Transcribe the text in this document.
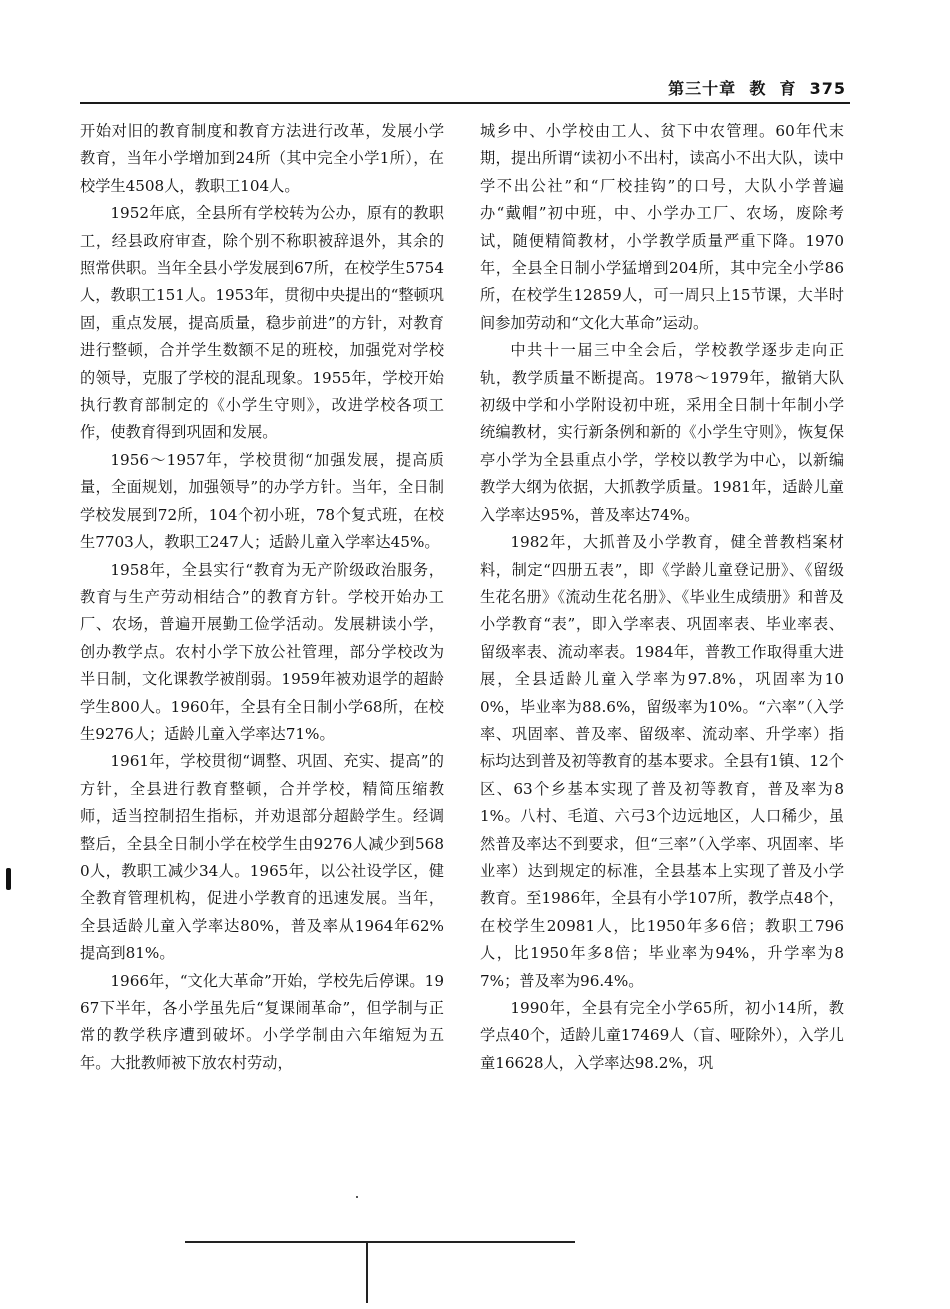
第三十章  教  育  375

开始对旧的教育制度和教育方法进行改革，发展小学教育，当年小学增加到24所（其中完全小学1所），在校学生4508人，教职工104人。

1952年底，全县所有学校转为公办，原有的教职工，经县政府审查，除个别不称职被辞退外，其余的照常供职。当年全县小学发展到67所，在校学生5754人，教职工151人。1953年，贯彻中央提出的“整顿巩固，重点发展，提高质量，稳步前进”的方针，对教育进行整顿，合并学生数额不足的班校，加强党对学校的领导，克服了学校的混乱现象。1955年，学校开始执行教育部制定的《小学生守则》，改进学校各项工作，使教育得到巩固和发展。

1956～1957年，学校贯彻“加强发展，提高质量，全面规划，加强领导”的办学方针。当年，全日制学校发展到72所，104个初小班，78个复式班，在校生7703人，教职工247人；适龄儿童入学率达45%。

1958年，全县实行“教育为无产阶级政治服务，教育与生产劳动相结合”的教育方针。学校开始办工厂、农场，普遍开展勤工俭学活动。发展耕读小学，创办教学点。农村小学下放公社管理，部分学校改为半日制，文化课教学被削弱。1959年被劝退学的超龄学生800人。1960年，全县有全日制小学68所，在校生9276人；适龄儿童入学率达71%。

1961年，学校贯彻“调整、巩固、充实、提高”的方针，全县进行教育整顿，合并学校，精简压缩教师，适当控制招生指标，并劝退部分超龄学生。经调整后，全县全日制小学在校学生由9276人减少到5680人，教职工减少34人。1965年，以公社设学区，健全教育管理机构，促进小学教育的迅速发展。当年，全县适龄儿童入学率达80%，普及率从1964年62%提高到81%。

1966年，“文化大革命”开始，学校先后停课。1967下半年，各小学虽先后“复课闹革命”，但学制与正常的教学秩序遭到破坏。小学学制由六年缩短为五年。大批教师被下放农村劳动，

城乡中、小学校由工人、贫下中农管理。60年代末期，提出所谓“读初小不出村，读高小不出大队，读中学不出公社”和“厂校挂钩”的口号，大队小学普遍办“戴帽”初中班，中、小学办工厂、农场，废除考试，随便精简教材，小学教学质量严重下降。1970年，全县全日制小学猛增到204所，其中完全小学86所，在校学生12859人，可一周只上15节课，大半时间参加劳动和“文化大革命”运动。

中共十一届三中全会后，学校教学逐步走向正轨，教学质量不断提高。1978～1979年，撤销大队初级中学和小学附设初中班，采用全日制十年制小学统编教材，实行新条例和新的《小学生守则》，恢复保亭小学为全县重点小学，学校以教学为中心，以新编教学大纲为依据，大抓教学质量。1981年，适龄儿童入学率达95%，普及率达74%。

1982年，大抓普及小学教育，健全普教档案材料，制定“四册五表”，即《学龄儿童登记册》、《留级生花名册》《流动生花名册》、《毕业生成绩册》和普及小学教育“表”，即入学率表、巩固率表、毕业率表、留级率表、流动率表。1984年，普教工作取得重大进展，全县适龄儿童入学率为97.8%，巩固率为100%，毕业率为88.6%，留级率为10%。“六率”（入学率、巩固率、普及率、留级率、流动率、升学率）指标均达到普及初等教育的基本要求。全县有1镇、12个区、63个乡基本实现了普及初等教育，普及率为81%。八村、毛道、六弓3个边远地区，人口稀少，虽然普及率达不到要求，但“三率”（入学率、巩固率、毕业率）达到规定的标准，全县基本上实现了普及小学教育。至1986年，全县有小学107所，教学点48个，在校学生20981人，比1950年多6倍；教职工796人，比1950年多8倍；毕业率为94%，升学率为87%；普及率为96.4%。

1990年，全县有完全小学65所，初小14所，教学点40个，适龄儿童17469人（盲、哑除外），入学儿童16628人，入学率达98.2%，巩
